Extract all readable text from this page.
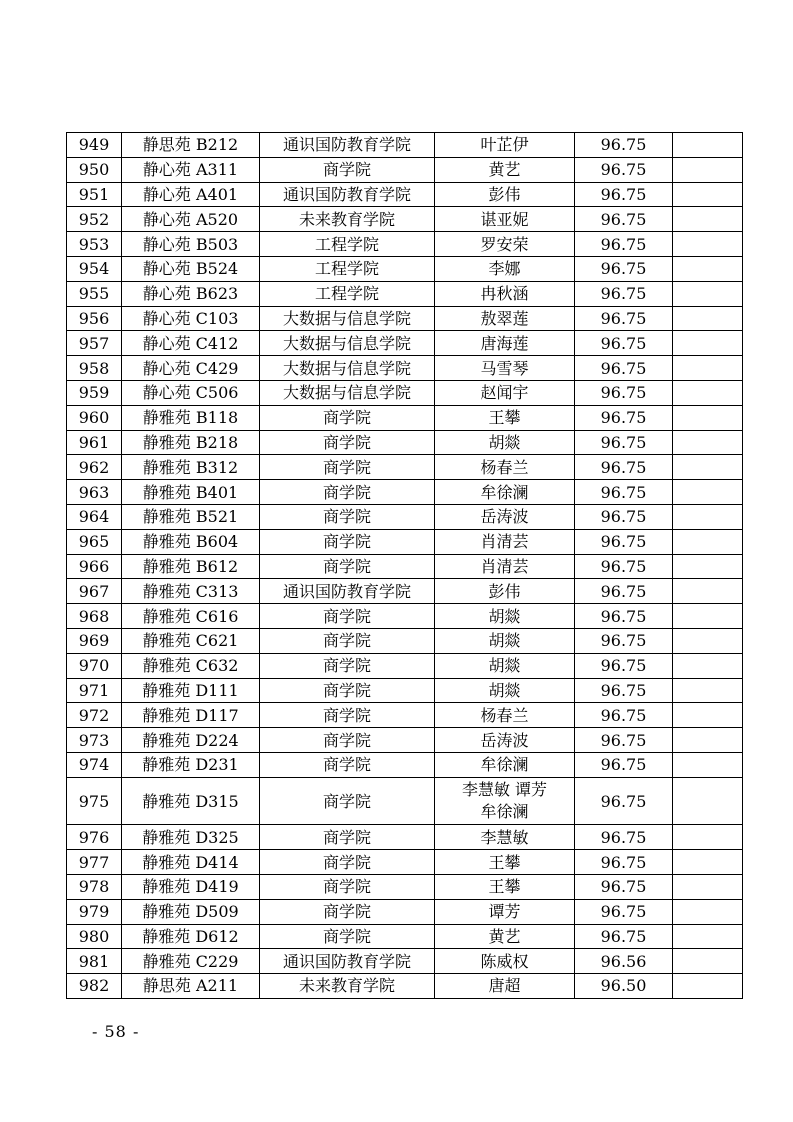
949	静思苑 B212	通识国防教育学院	叶芷伊	96.75	
950	静心苑 A311	商学院	黄艺	96.75	
951	静心苑 A401	通识国防教育学院	彭伟	96.75	
952	静心苑 A520	未来教育学院	谌亚妮	96.75	
953	静心苑 B503	工程学院	罗安荣	96.75	
954	静心苑 B524	工程学院	李娜	96.75	
955	静心苑 B623	工程学院	冉秋涵	96.75	
956	静心苑 C103	大数据与信息学院	敖翠莲	96.75	
957	静心苑 C412	大数据与信息学院	唐海莲	96.75	
958	静心苑 C429	大数据与信息学院	马雪琴	96.75	
959	静心苑 C506	大数据与信息学院	赵闻宇	96.75	
960	静雅苑 B118	商学院	王攀	96.75	
961	静雅苑 B218	商学院	胡燚	96.75	
962	静雅苑 B312	商学院	杨春兰	96.75	
963	静雅苑 B401	商学院	牟徐澜	96.75	
964	静雅苑 B521	商学院	岳涛波	96.75	
965	静雅苑 B604	商学院	肖清芸	96.75	
966	静雅苑 B612	商学院	肖清芸	96.75	
967	静雅苑 C313	通识国防教育学院	彭伟	96.75	
968	静雅苑 C616	商学院	胡燚	96.75	
969	静雅苑 C621	商学院	胡燚	96.75	
970	静雅苑 C632	商学院	胡燚	96.75	
971	静雅苑 D111	商学院	胡燚	96.75	
972	静雅苑 D117	商学院	杨春兰	96.75	
973	静雅苑 D224	商学院	岳涛波	96.75	
974	静雅苑 D231	商学院	牟徐澜	96.75	
975	静雅苑 D315	商学院	李慧敏 谭芳
牟徐澜	96.75	
976	静雅苑 D325	商学院	李慧敏	96.75	
977	静雅苑 D414	商学院	王攀	96.75	
978	静雅苑 D419	商学院	王攀	96.75	
979	静雅苑 D509	商学院	谭芳	96.75	
980	静雅苑 D612	商学院	黄艺	96.75	
981	静雅苑 C229	通识国防教育学院	陈威权	96.56	
982	静思苑 A211	未来教育学院	唐超	96.50	
- 58 -
